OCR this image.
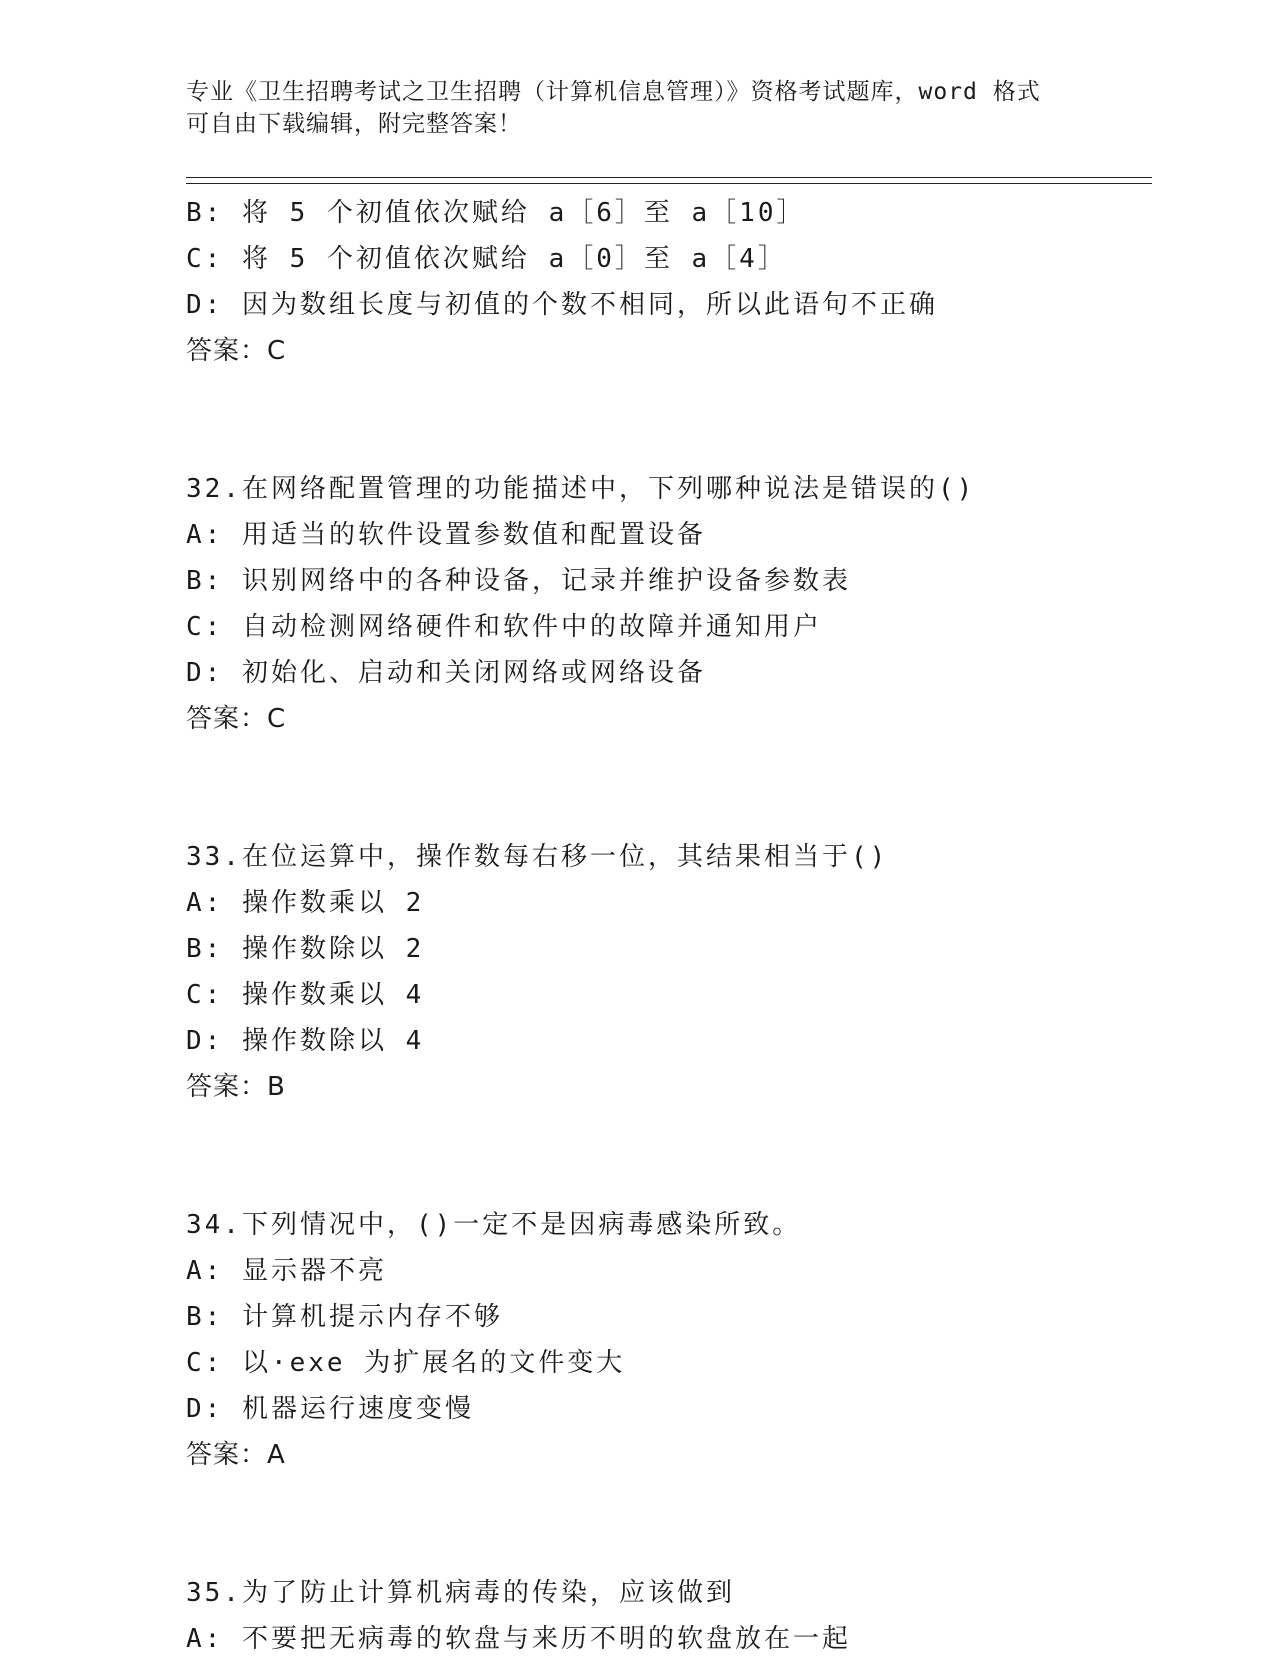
专业《卫生招聘考试之卫生招聘（计算机信息管理）》资格考试题库，word 格式
可自由下载编辑，附完整答案！
B: 将 5 个初值依次赋给 a［6］至 a［10］
C: 将 5 个初值依次赋给 a［0］至 a［4］
D: 因为数组长度与初值的个数不相同，所以此语句不正确
答案：C
32.在网络配置管理的功能描述中，下列哪种说法是错误的()
A: 用适当的软件设置参数值和配置设备
B: 识别网络中的各种设备，记录并维护设备参数表
C: 自动检测网络硬件和软件中的故障并通知用户
D: 初始化、启动和关闭网络或网络设备
答案：C
33.在位运算中，操作数每右移一位，其结果相当于()
A: 操作数乘以 2
B: 操作数除以 2
C: 操作数乘以 4
D: 操作数除以 4
答案：B
34.下列情况中，()一定不是因病毒感染所致。
A: 显示器不亮
B: 计算机提示内存不够
C: 以·exe 为扩展名的文件变大
D: 机器运行速度变慢
答案：A
35.为了防止计算机病毒的传染，应该做到
A: 不要把无病毒的软盘与来历不明的软盘放在一起
